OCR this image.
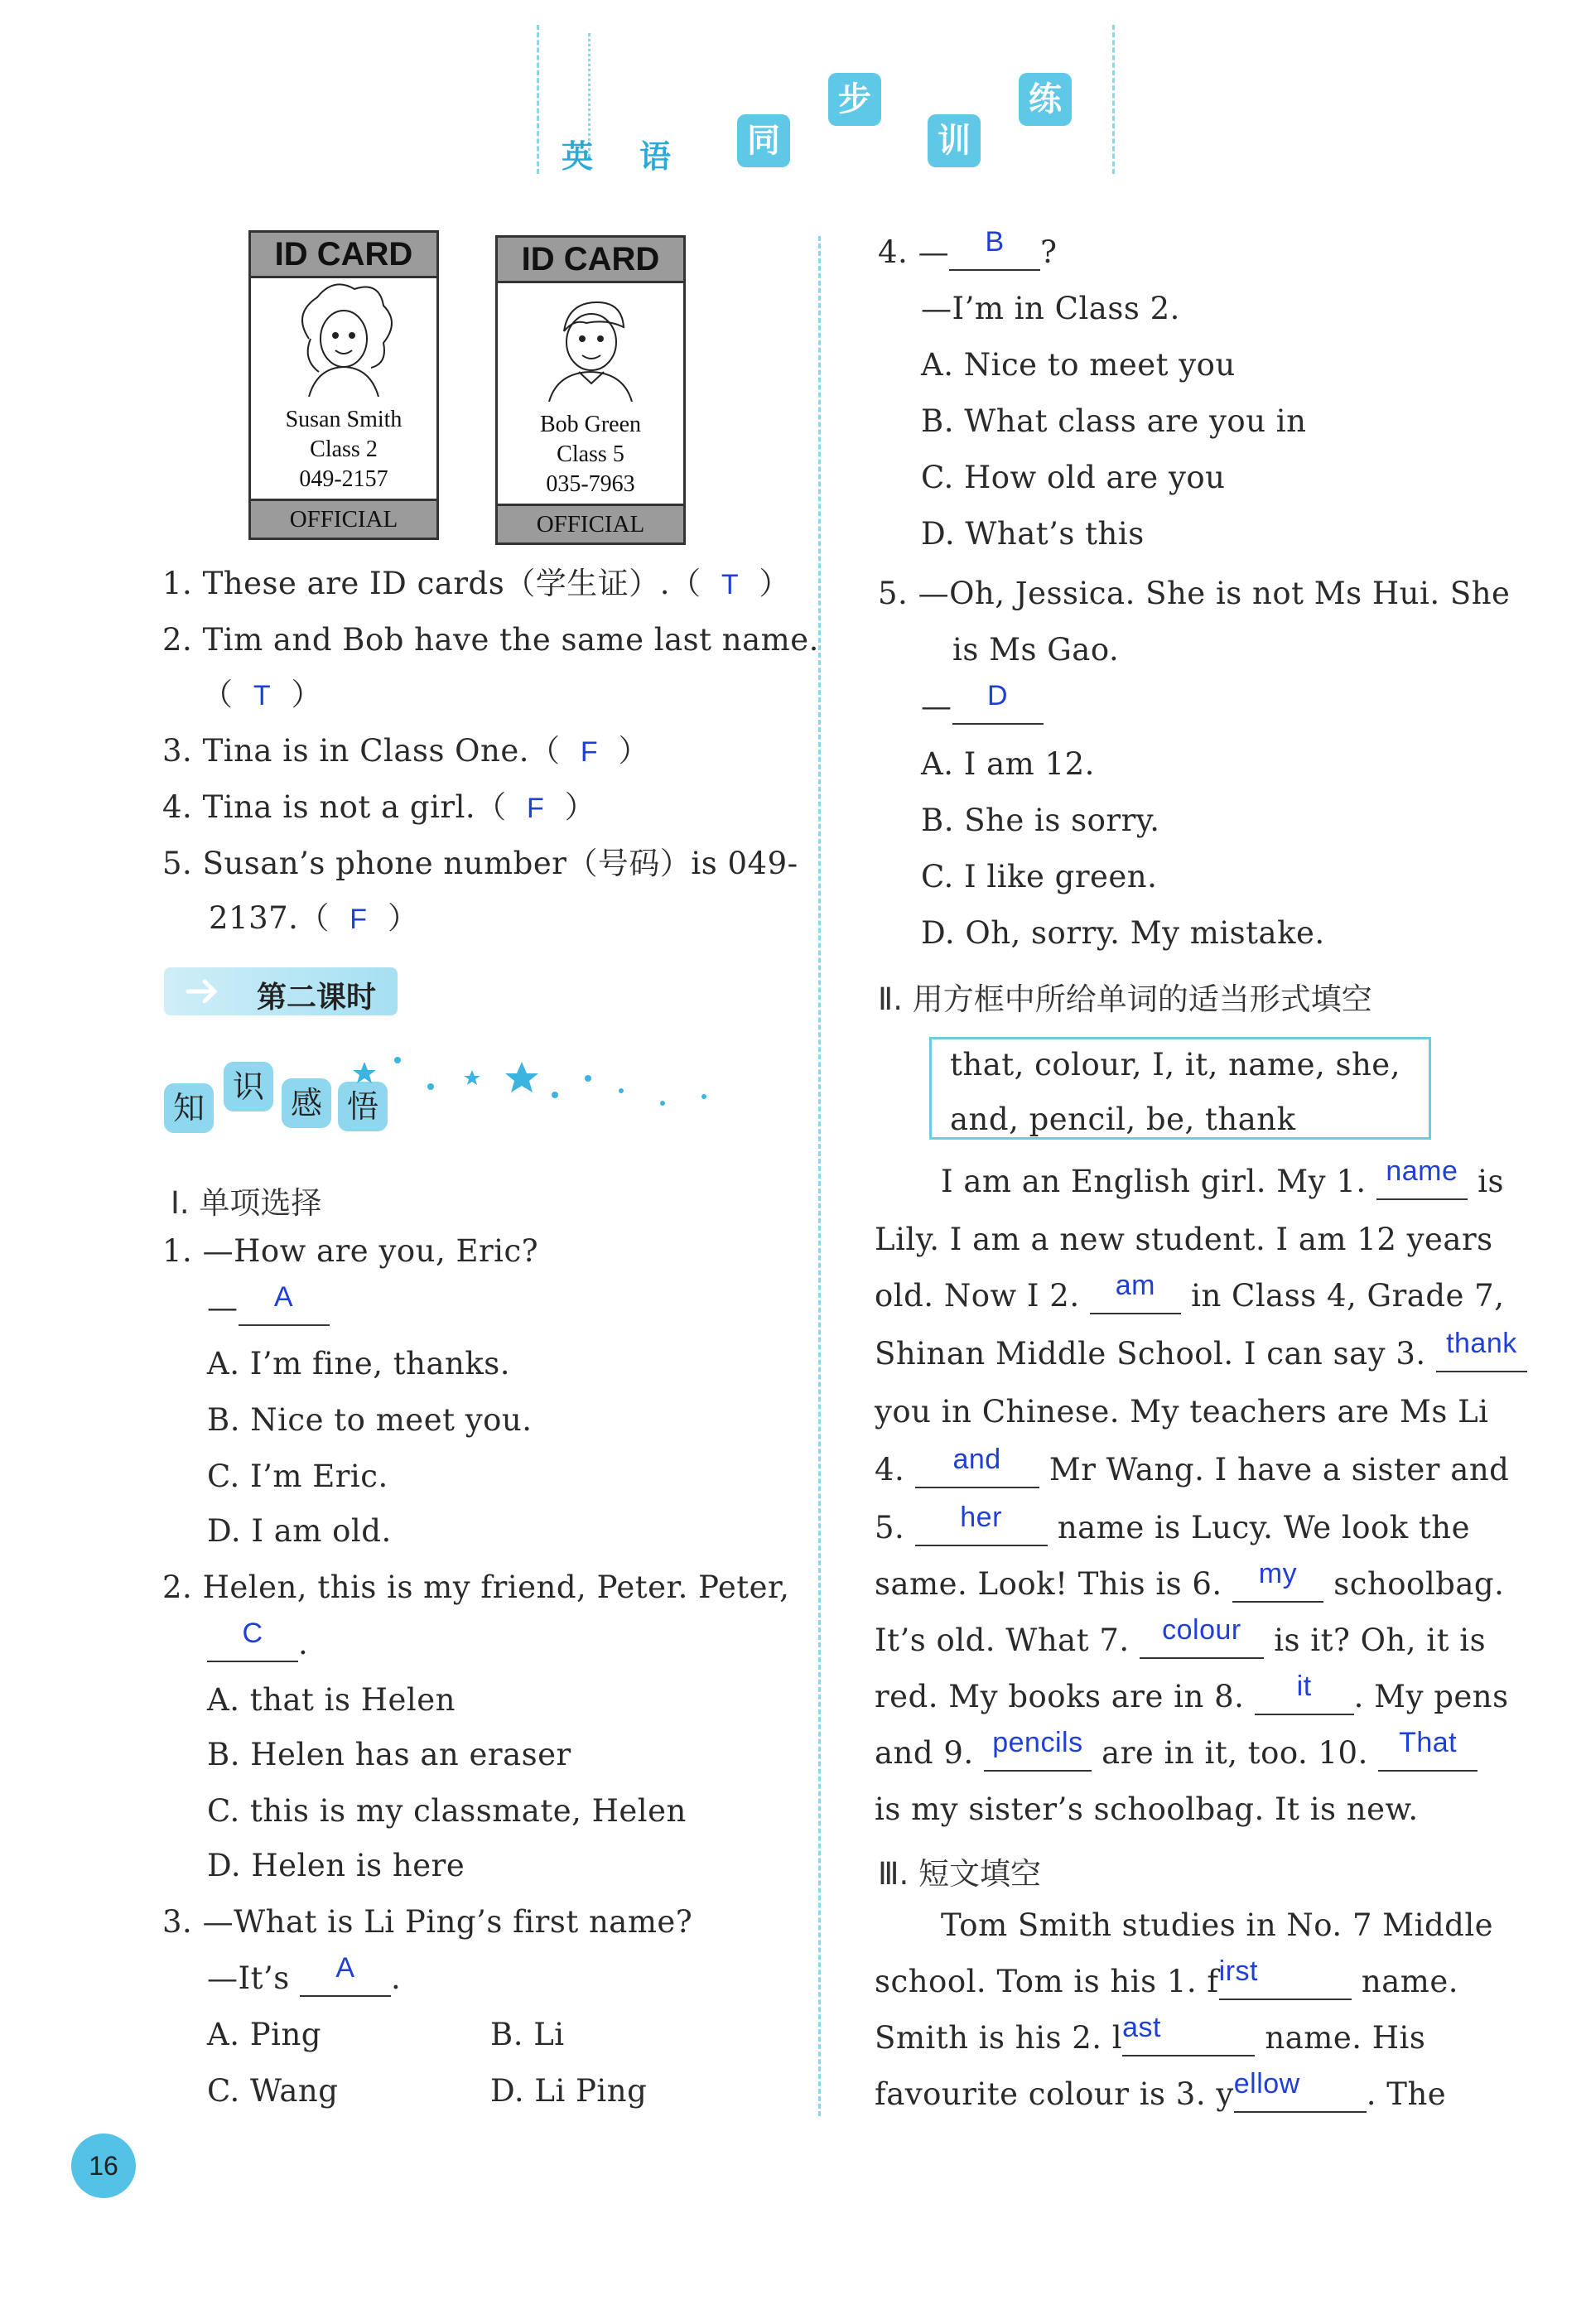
英 语	同
步
训
练
ID CARD
Susan Smith
Class 2
049-2157
OFFICIAL
ID CARD
Bob Green
Class 5
035-7963
OFFICIAL
1. These are ID cards（学生证）.（ T ）
2. Tim and Bob have the same last name.
（ T ）
3. Tina is in Class One.（ F ）
4. Tina is not a girl.（ F ）
5. Susan’s phone number（号码）is 049-
2137.（ F ）
第二课时
知
识 感 悟
Ⅰ. 单项选择
1. —How are you, Eric?
— A
A. I’m fine, thanks.
B. Nice to meet you.
C. I’m Eric.
D. I am old.
2. Helen, this is my friend, Peter. Peter,
C .
A. that is Helen
B. Helen has an eraser
C. this is my classmate, Helen
D. Helen is here
3. —What is Li Ping’s first name?
—It’s A .
A. Ping	B. Li
C. Wang	D. Li Ping
4. — B ?
—I’m in Class 2.
A. Nice to meet you
B. What class are you in
C. How old are you
D. What’s this
5. —Oh, Jessica. She is not Ms Hui. She
is Ms Gao.
— D
A. I am 12.
B. She is sorry.
C. I like green.
D. Oh, sorry. My mistake.
Ⅱ. 用方框中所给单词的适当形式填空
that, colour, I, it, name, she,
and, pencil, be, thank
I am an English girl. My 1. name is
Lily. I am a new student. I am 12 years
old. Now I 2. am in Class 4, Grade 7,
Shinan Middle School. I can say 3. thank
you in Chinese. My teachers are Ms Li
4. and Mr Wang. I have a sister and
5. her name is Lucy. We look the
same. Look! This is 6. my schoolbag.
It’s old. What 7. colour is it? Oh, it is
red. My books are in 8. it . My pens
and 9. pencils are in it, too. 10. That
is my sister’s schoolbag. It is new.
Ⅲ. 短文填空
Tom Smith studies in No. 7 Middle
school. Tom is his 1. first	name.
Smith is his 2. last	name. His
favourite colour is 3. yellow . The
16
